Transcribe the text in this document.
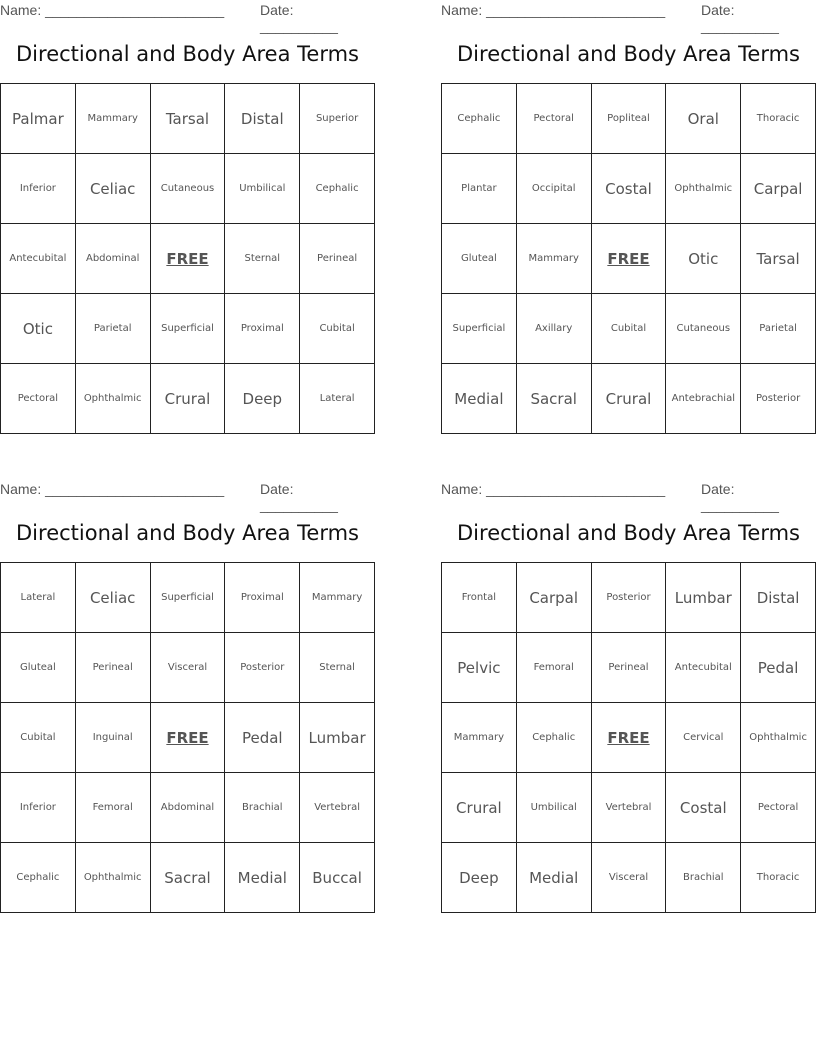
Name: _______________________	Date: __________
Directional and Body Area Terms
Palmar	Mammary	Tarsal	Distal	Superior
Inferior	Celiac	Cutaneous	Umbilical	Cephalic
Antecubital	Abdominal	FREE	Sternal	Perineal
Otic	Parietal	Superficial	Proximal	Cubital
Pectoral	Ophthalmic	Crural	Deep	Lateral
Name: _______________________	Date: __________
Directional and Body Area Terms
Cephalic	Pectoral	Popliteal	Oral	Thoracic
Plantar	Occipital	Costal	Ophthalmic	Carpal
Gluteal	Mammary	FREE	Otic	Tarsal
Superficial	Axillary	Cubital	Cutaneous	Parietal
Medial	Sacral	Crural	Antebrachial	Posterior
Name: _______________________	Date: __________
Directional and Body Area Terms
Lateral	Celiac	Superficial	Proximal	Mammary
Gluteal	Perineal	Visceral	Posterior	Sternal
Cubital	Inguinal	FREE	Pedal	Lumbar
Inferior	Femoral	Abdominal	Brachial	Vertebral
Cephalic	Ophthalmic	Sacral	Medial	Buccal
Name: _______________________	Date: __________
Directional and Body Area Terms
Frontal	Carpal	Posterior	Lumbar	Distal
Pelvic	Femoral	Perineal	Antecubital	Pedal
Mammary	Cephalic	FREE	Cervical	Ophthalmic
Crural	Umbilical	Vertebral	Costal	Pectoral
Deep	Medial	Visceral	Brachial	Thoracic
